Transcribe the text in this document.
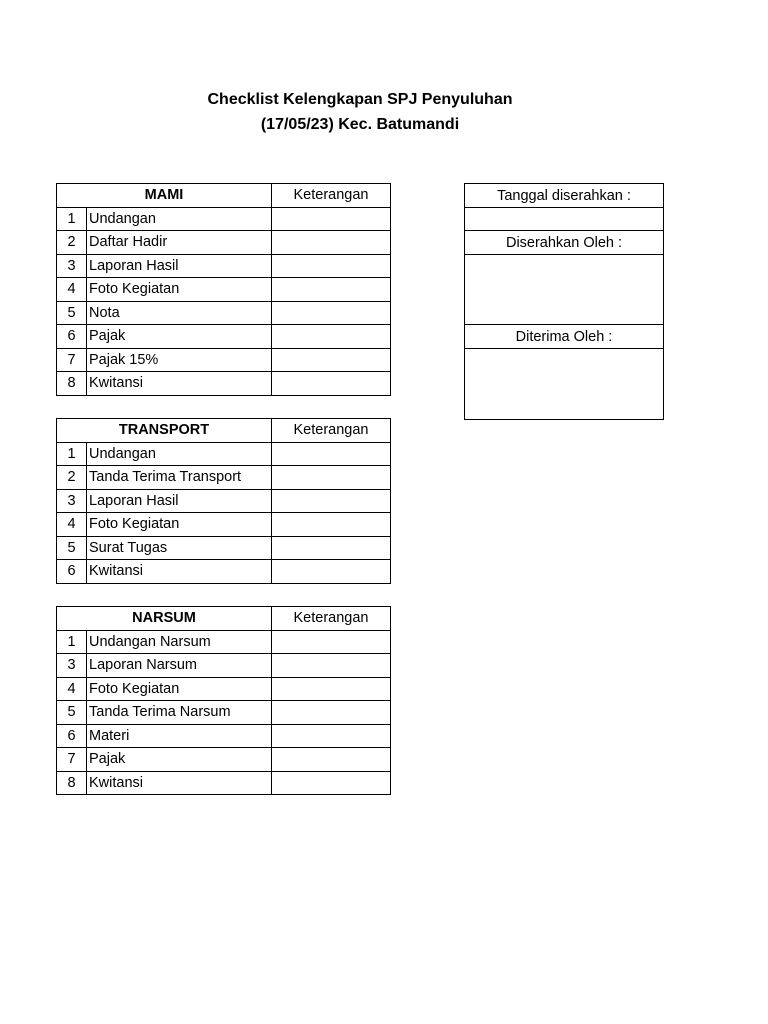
Checklist Kelengkapan SPJ Penyuluhan
(17/05/23) Kec. Batumandi
MAMI		Keterangan
1	Undangan	
2	Daftar Hadir	
3	Laporan Hasil	
4	Foto Kegiatan	
5	Nota	
6	Pajak	
7	Pajak 15%	
8	Kwitansi	
TRANSPORT		Keterangan
1	Undangan	
2	Tanda Terima Transport	
3	Laporan Hasil	
4	Foto Kegiatan	
5	Surat Tugas	
6	Kwitansi	
NARSUM		Keterangan
1	Undangan Narsum	
3	Laporan Narsum	
4	Foto Kegiatan	
5	Tanda Terima Narsum	
6	Materi	
7	Pajak	
8	Kwitansi	
Tanggal diserahkan :
Diserahkan Oleh :
Diterima Oleh :
